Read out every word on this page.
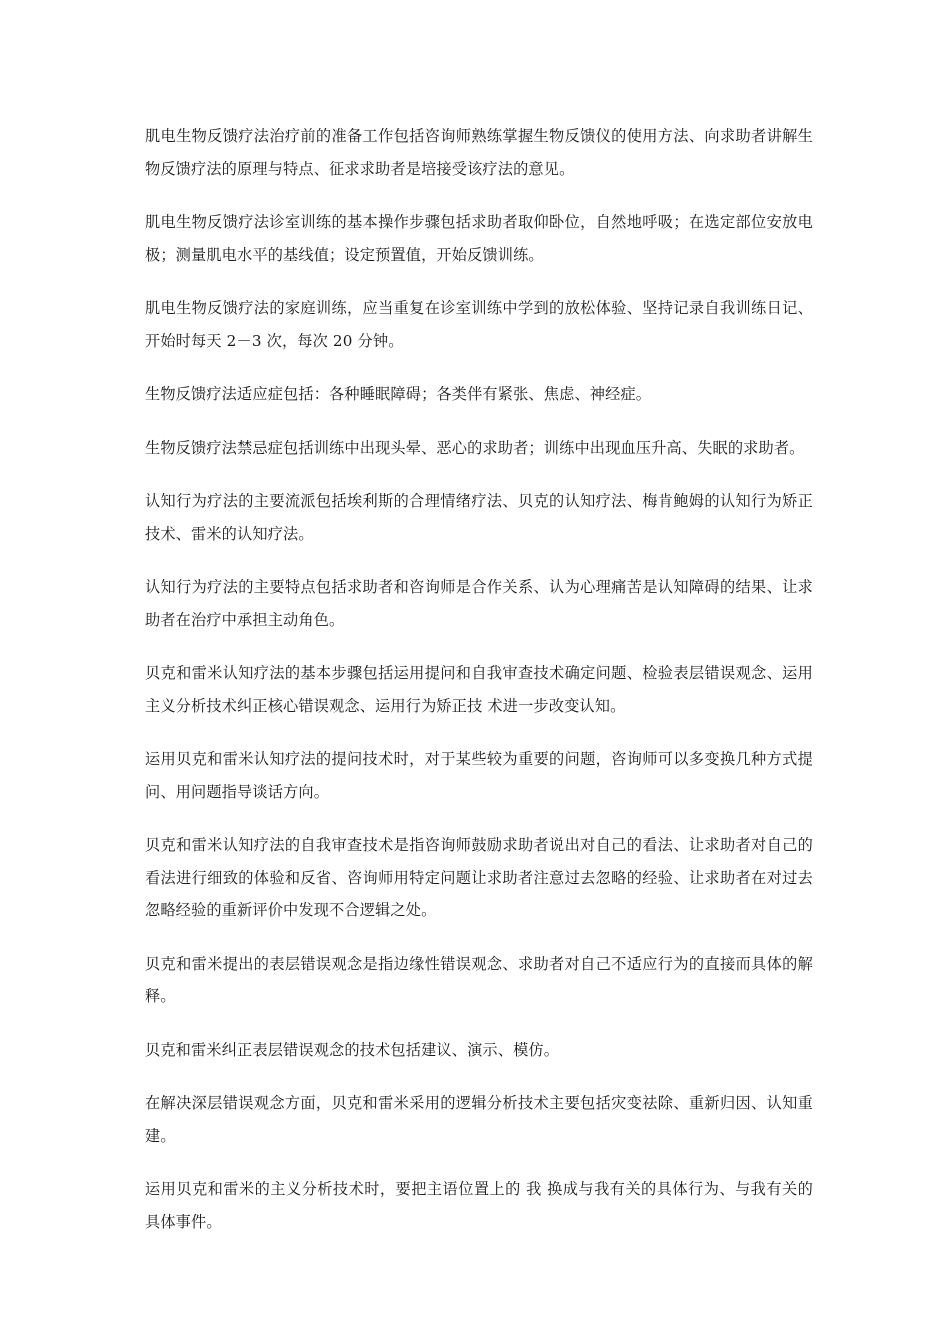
肌电生物反馈疗法治疗前的准备工作包括咨询师熟练掌握生物反馈仪的使用方法、向求助者讲解生物反馈疗法的原理与特点、征求求助者是培接受该疗法的意见。

肌电生物反馈疗法诊室训练的基本操作步骤包括求助者取仰卧位，自然地呼吸；在选定部位安放电极；测量肌电水平的基线值；设定预置值，开始反馈训练。

肌电生物反馈疗法的家庭训练，应当重复在诊室训练中学到的放松体验、坚持记录自我训练日记、开始时每天 2－3 次，每次 20 分钟。

生物反馈疗法适应症包括：各种睡眠障碍；各类伴有紧张、焦虑、神经症。

生物反馈疗法禁忌症包括训练中出现头晕、恶心的求助者；训练中出现血压升高、失眠的求助者。

认知行为疗法的主要流派包括埃利斯的合理情绪疗法、贝克的认知疗法、梅肯鲍姆的认知行为矫正技术、雷米的认知疗法。

认知行为疗法的主要特点包括求助者和咨询师是合作关系、认为心理痛苦是认知障碍的结果、让求助者在治疗中承担主动角色。

贝克和雷米认知疗法的基本步骤包括运用提问和自我审查技术确定问题、检验表层错误观念、运用主义分析技术纠正核心错误观念、运用行为矫正技 术进一步改变认知。

运用贝克和雷米认知疗法的提问技术时，对于某些较为重要的问题，咨询师可以多变换几种方式提问、用问题指导谈话方向。

贝克和雷米认知疗法的自我审查技术是指咨询师鼓励求助者说出对自己的看法、让求助者对自己的看法进行细致的体验和反省、咨询师用特定问题让求助者注意过去忽略的经验、让求助者在对过去忽略经验的重新评价中发现不合逻辑之处。

贝克和雷米提出的表层错误观念是指边缘性错误观念、求助者对自己不适应行为的直接而具体的解释。

贝克和雷米纠正表层错误观念的技术包括建议、演示、模仿。

在解决深层错误观念方面，贝克和雷米采用的逻辑分析技术主要包括灾变祛除、重新归因、认知重建。

运用贝克和雷米的主义分析技术时，要把主语位置上的 我 换成与我有关的具体行为、与我有关的具体事件。
